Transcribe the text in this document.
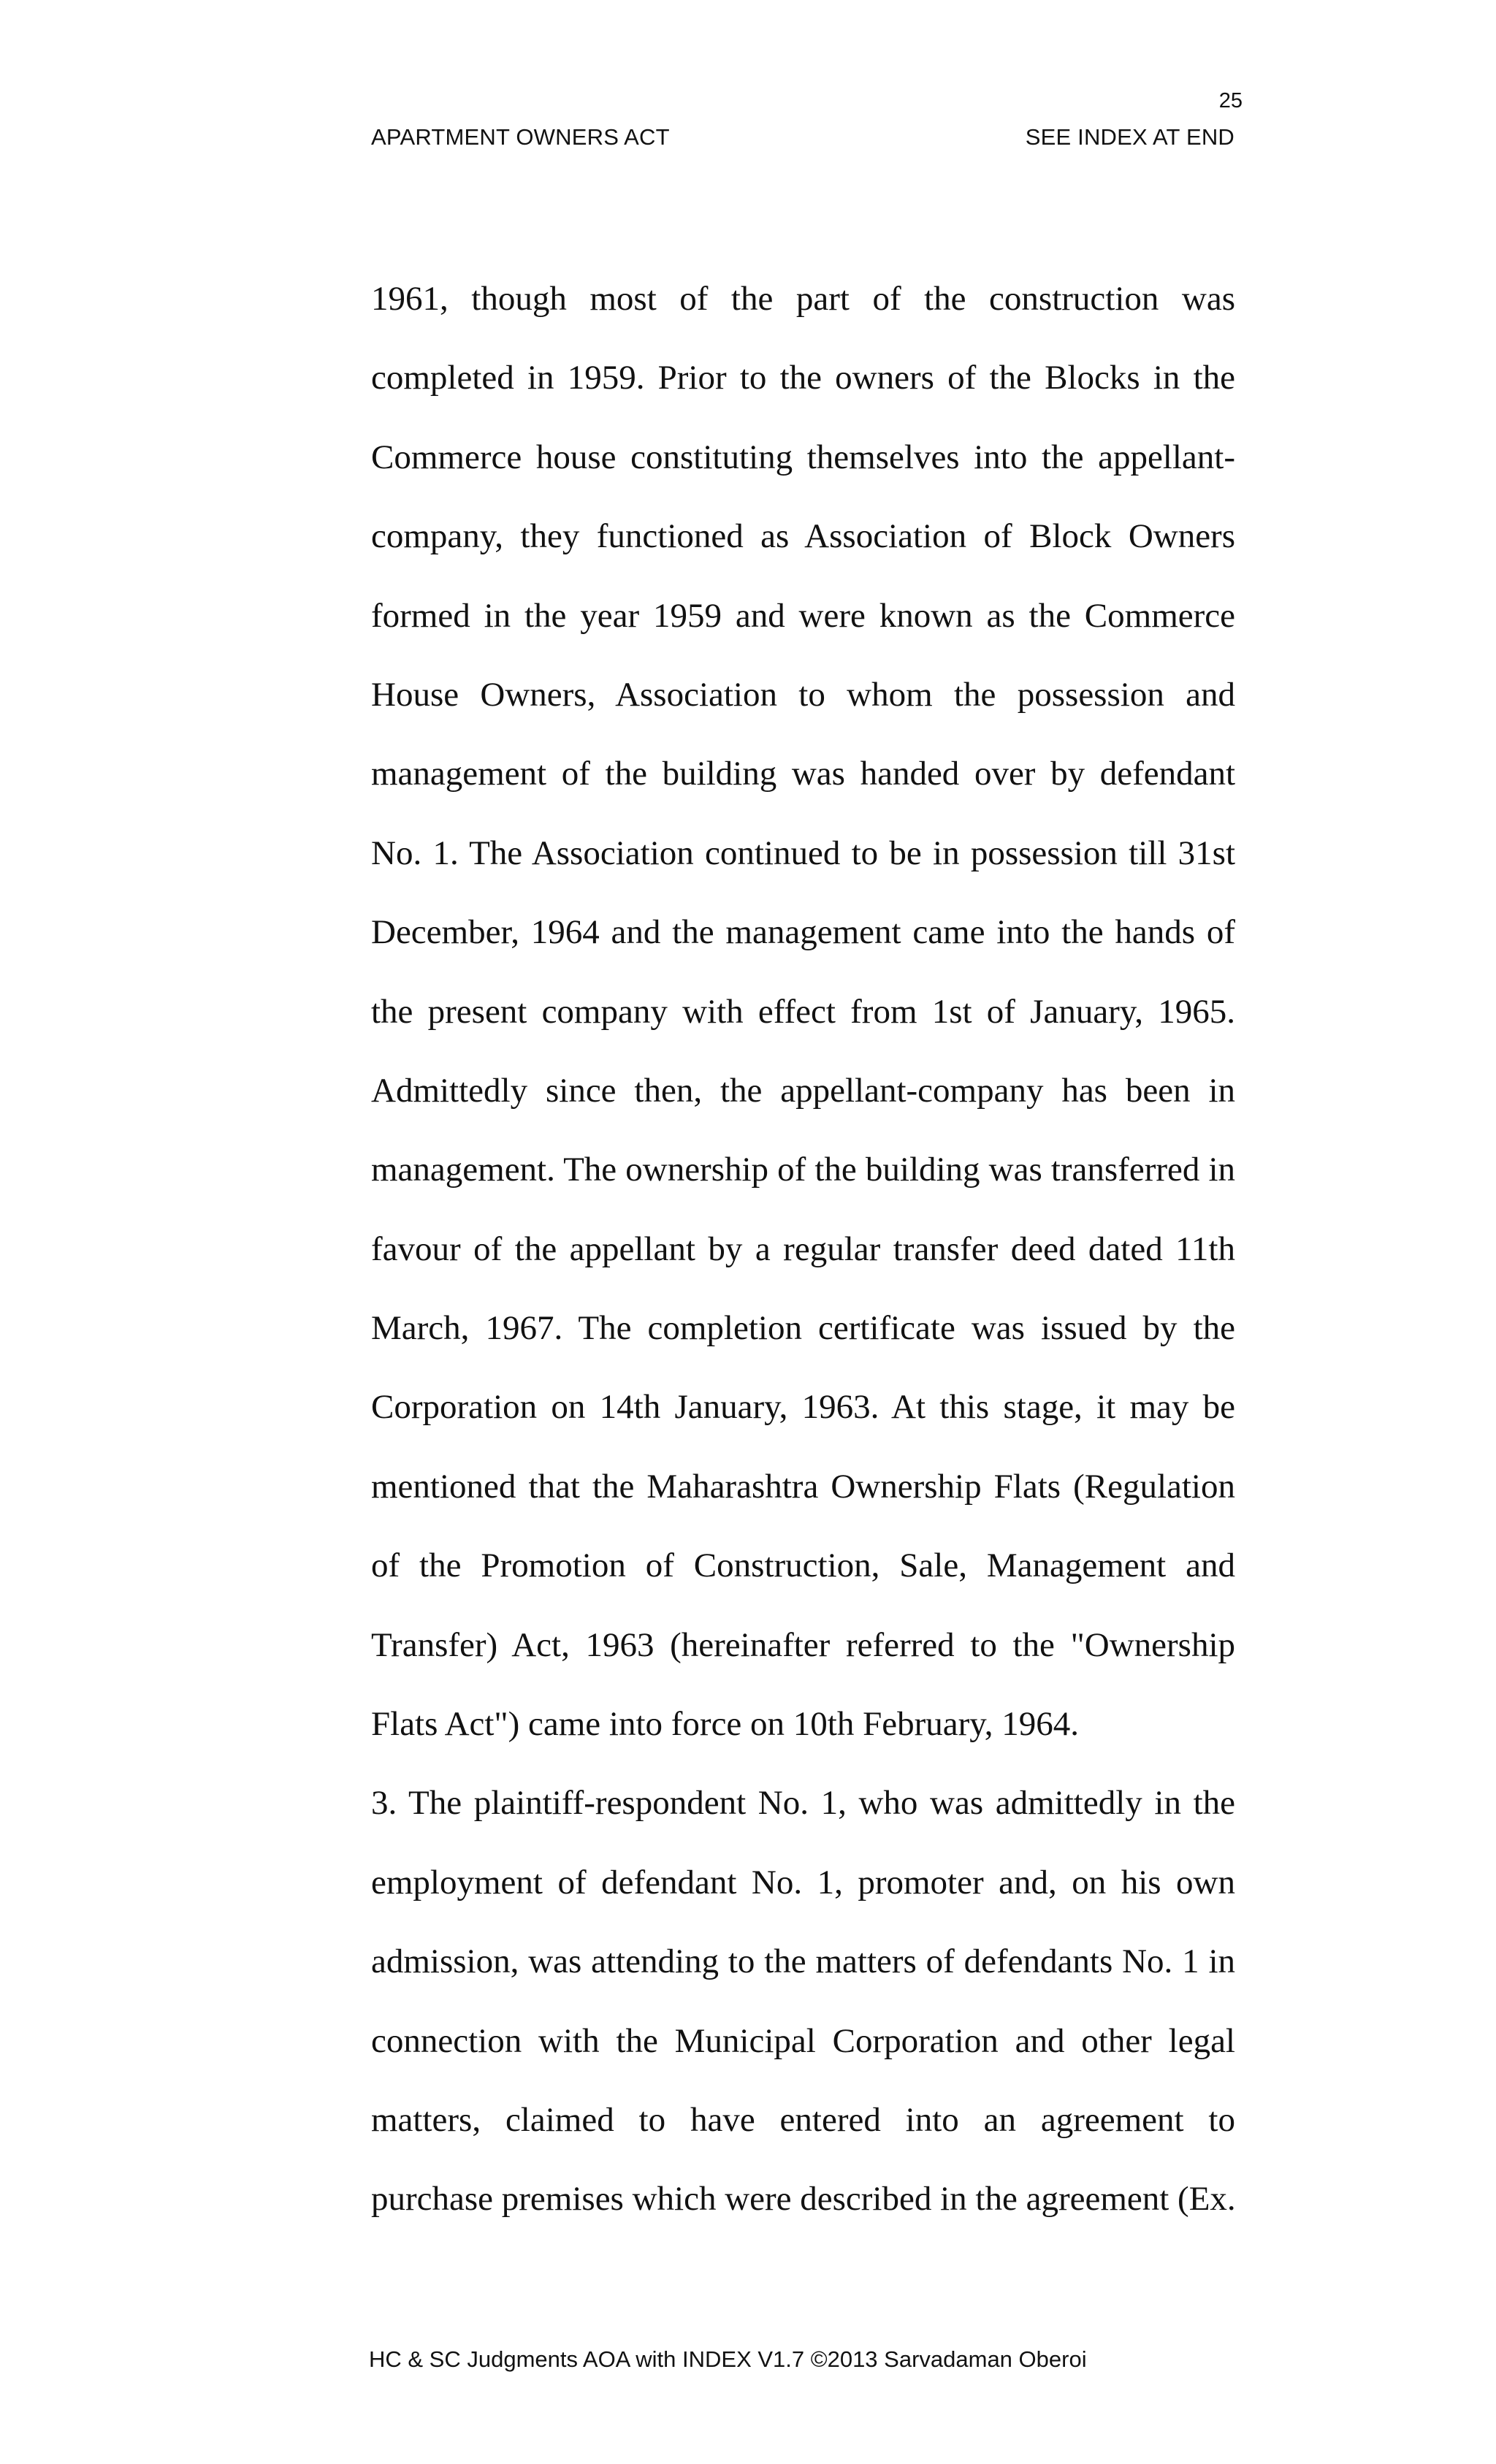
25
APARTMENT OWNERS ACT	SEE INDEX AT END
1961, though most of the part of the construction was
completed in 1959. Prior to the owners of the Blocks in the
Commerce house constituting themselves into the appellant-
company, they functioned as Association of Block Owners
formed in the year 1959 and were known as the Commerce
House Owners, Association to whom the possession and
management of the building was handed over by defendant
No. 1. The Association continued to be in possession till 31st
December, 1964 and the management came into the hands of
the present company with effect from 1st of January, 1965.
Admittedly since then, the appellant-company has been in
management. The ownership of the building was transferred in
favour of the appellant by a regular transfer deed dated 11th
March, 1967. The completion certificate was issued by the
Corporation on 14th January, 1963. At this stage, it may be
mentioned that the Maharashtra Ownership Flats (Regulation
of the Promotion of Construction, Sale, Management and
Transfer) Act, 1963 (hereinafter referred to the "Ownership
Flats Act") came into force on 10th February, 1964.
3. The plaintiff-respondent No. 1, who was admittedly in the
employment of defendant No. 1, promoter and, on his own
admission, was attending to the matters of defendants No. 1 in
connection with the Municipal Corporation and other legal
matters, claimed to have entered into an agreement to
purchase premises which were described in the agreement (Ex.
HC & SC Judgments AOA with INDEX V1.7 ©2013 Sarvadaman Oberoi
